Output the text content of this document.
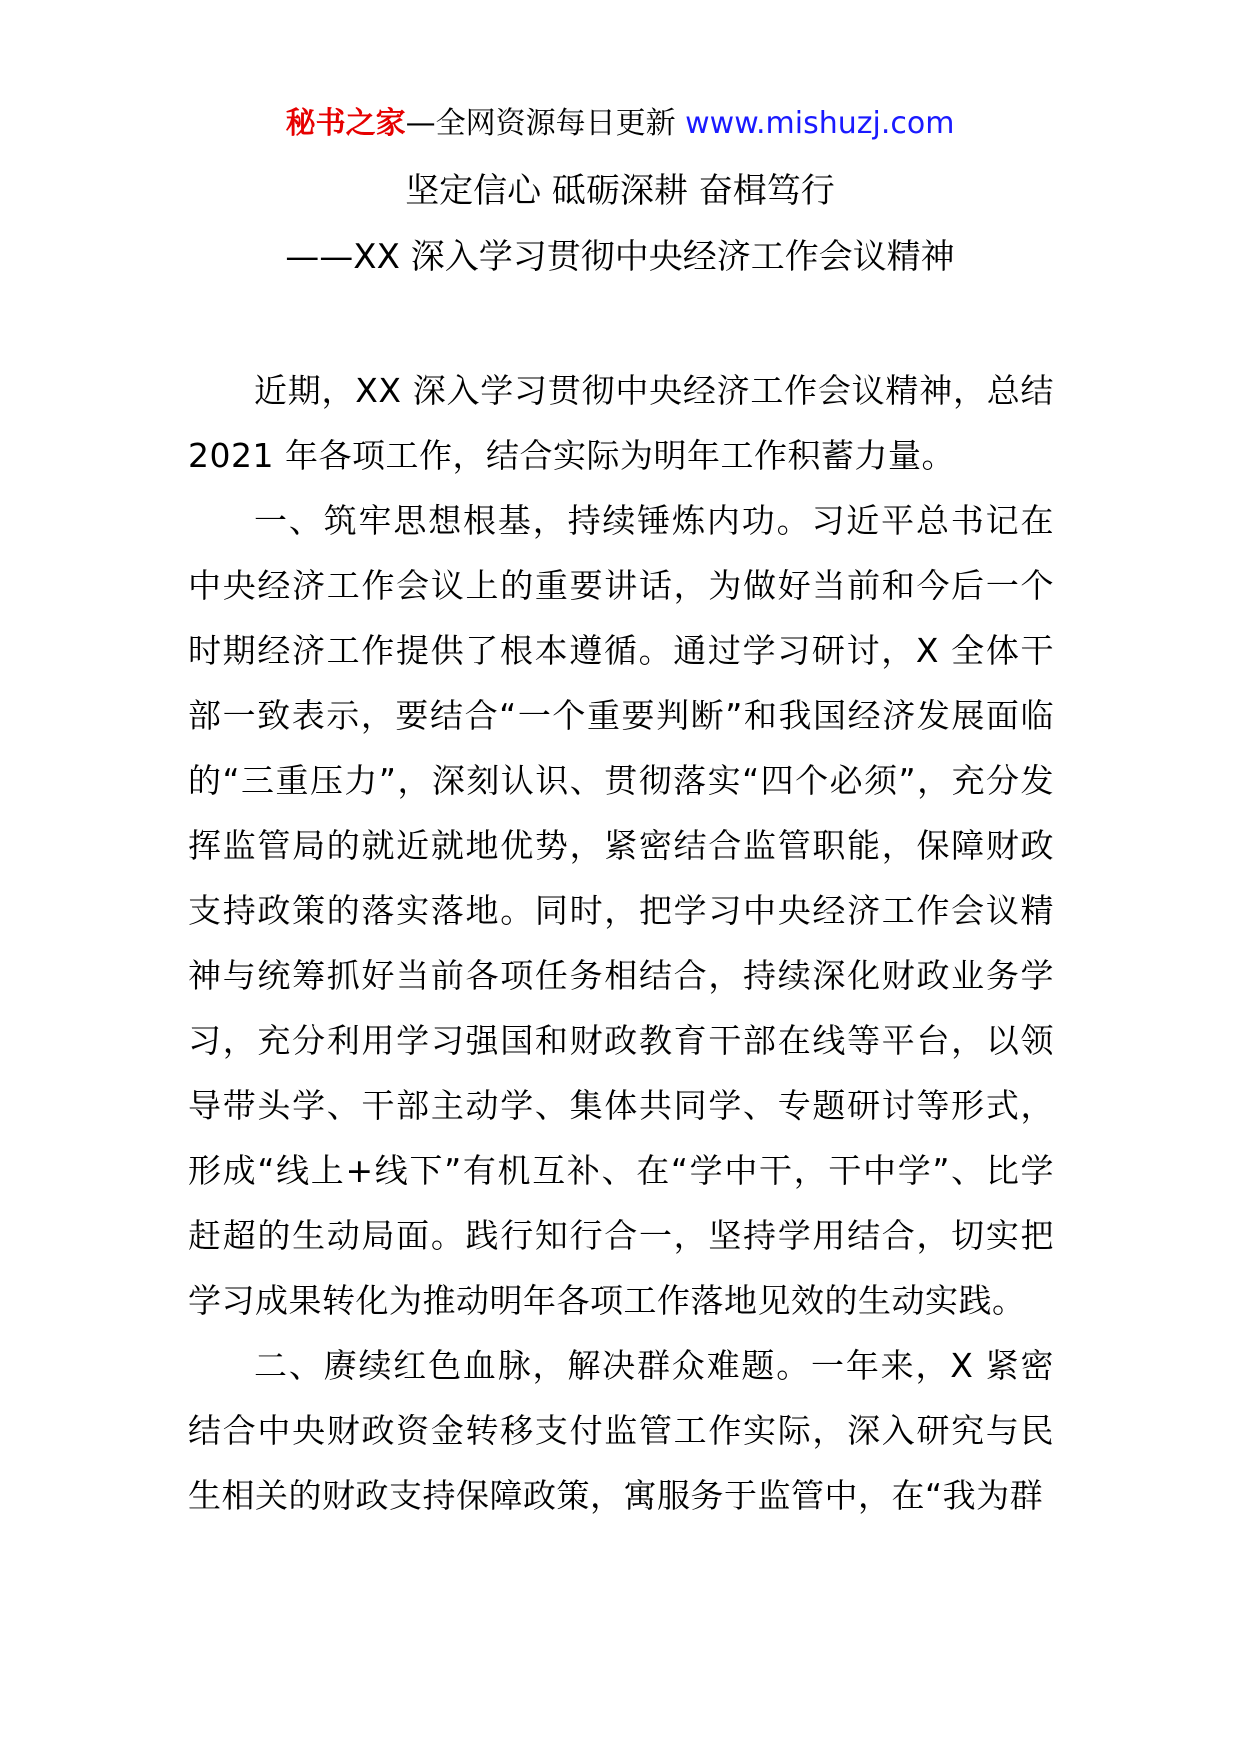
秘书之家—全网资源每日更新 www.mishuzj.com
坚定信心 砥砺深耕 奋楫笃行
——XX 深入学习贯彻中央经济工作会议精神

近期，XX 深入学习贯彻中央经济工作会议精神，总结 2021 年各项工作，结合实际为明年工作积蓄力量。

一、筑牢思想根基，持续锤炼内功。习近平总书记在中央经济工作会议上的重要讲话，为做好当前和今后一个时期经济工作提供了根本遵循。通过学习研讨，X 全体干部一致表示，要结合“一个重要判断”和我国经济发展面临的“三重压力”，深刻认识、贯彻落实“四个必须”，充分发挥监管局的就近就地优势，紧密结合监管职能，保障财政支持政策的落实落地。同时，把学习中央经济工作会议精神与统筹抓好当前各项任务相结合，持续深化财政业务学习，充分利用学习强国和财政教育干部在线等平台，以领导带头学、干部主动学、集体共同学、专题研讨等形式，形成“线上+线下”有机互补、在“学中干，干中学”、比学赶超的生动局面。践行知行合一，坚持学用结合，切实把学习成果转化为推动明年各项工作落地见效的生动实践。

二、赓续红色血脉，解决群众难题。一年来，X 紧密结合中央财政资金转移支付监管工作实际，深入研究与民生相关的财政支持保障政策，寓服务于监管中，在“我为群
